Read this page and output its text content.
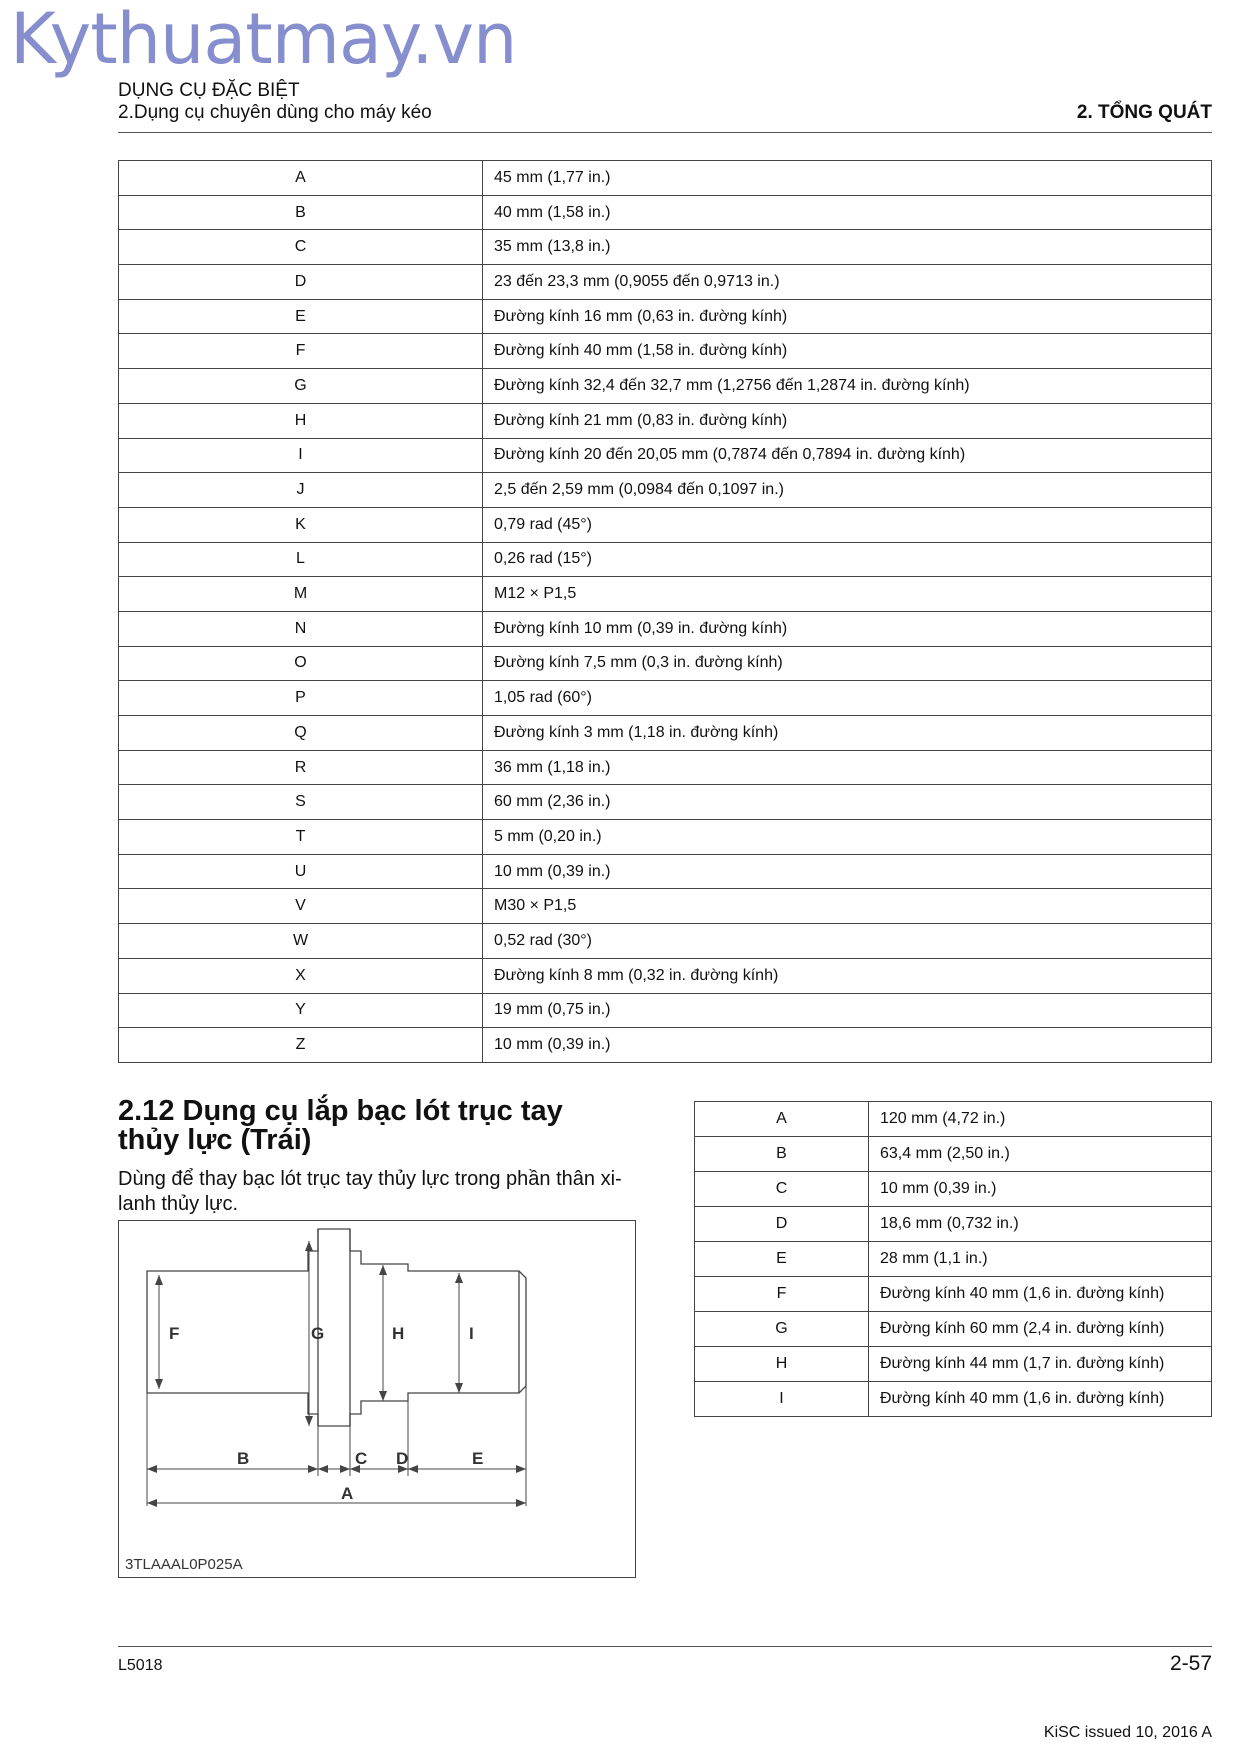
Kythuatmay.vn
DỤNG CỤ ĐẶC BIỆT
2.Dụng cụ chuyên dùng cho máy kéo	2. TỔNG QUÁT
A	45 mm (1,77 in.)
B	40 mm (1,58 in.)
C	35 mm (13,8 in.)
D	23 đến 23,3 mm (0,9055 đến 0,9713 in.)
E	Đường kính 16 mm (0,63 in. đường kính)
F	Đường kính 40 mm (1,58 in. đường kính)
G	Đường kính 32,4 đến 32,7 mm (1,2756 đến 1,2874 in. đường kính)
H	Đường kính 21 mm (0,83 in. đường kính)
I	Đường kính 20 đến 20,05 mm (0,7874 đến 0,7894 in. đường kính)
J	2,5 đến 2,59 mm (0,0984 đến 0,1097 in.)
K	0,79 rad (45°)
L	0,26 rad (15°)
M	M12 × P1,5
N	Đường kính 10 mm (0,39 in. đường kính)
O	Đường kính 7,5 mm (0,3 in. đường kính)
P	1,05 rad (60°)
Q	Đường kính 3 mm (1,18 in. đường kính)
R	36 mm (1,18 in.)
S	60 mm (2,36 in.)
T	5 mm (0,20 in.)
U	10 mm (0,39 in.)
V	M30 × P1,5
W	0,52 rad (30°)
X	Đường kính 8 mm (0,32 in. đường kính)
Y	19 mm (0,75 in.)
Z	10 mm (0,39 in.)
2.12 Dụng cụ lắp bạc lót trục tay thủy lực (Trái)
Dùng để thay bạc lót trục tay thủy lực trong phần thân xi-lanh thủy lực.
F	G	H	I
B	C D	E
A
3TLAAAL0P025A
A	120 mm (4,72 in.)
B	63,4 mm (2,50 in.)
C	10 mm (0,39 in.)
D	18,6 mm (0,732 in.)
E	28 mm (1,1 in.)
F	Đường kính 40 mm (1,6 in. đường kính)
G	Đường kính 60 mm (2,4 in. đường kính)
H	Đường kính 44 mm (1,7 in. đường kính)
I	Đường kính 40 mm (1,6 in. đường kính)
L5018	2-57
KiSC issued 10, 2016 A
